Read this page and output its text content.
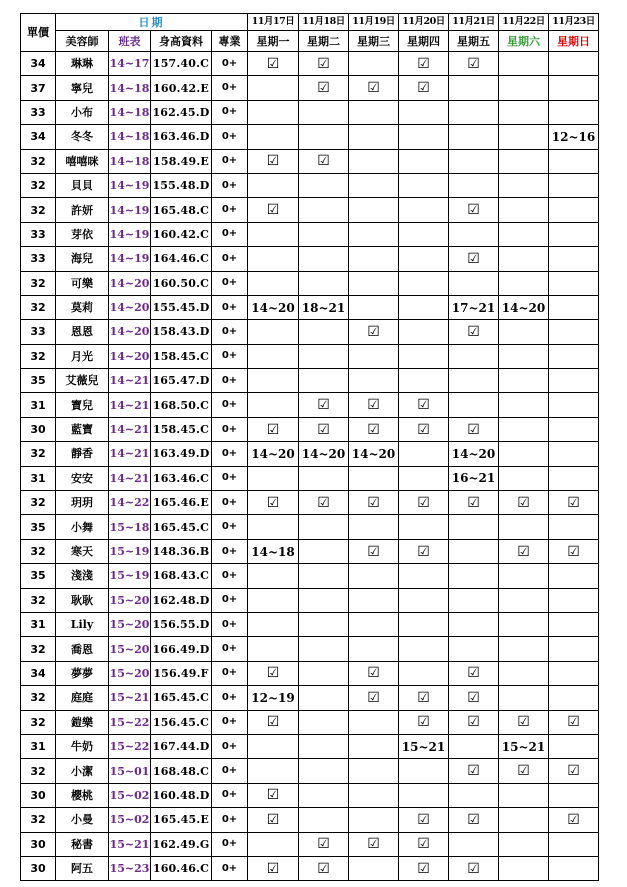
單價	日期				11月17日	11月18日	11月19日	11月20日	11月21日	11月22日	11月23日
	美容師	班表	身高資料	專業	星期一	星期二	星期三	星期四	星期五	星期六	星期日
34	琳琳	14~17	157.40.C	0+	☑	☑		☑	☑		
37	寧兒	14~18	160.42.E	0+		☑	☑	☑			
33	小布	14~18	162.45.D	0+							
34	冬冬	14~18	163.46.D	0+							12~16
32	嘻嘻咪	14~18	158.49.E	0+	☑	☑					
32	貝貝	14~19	155.48.D	0+							
32	許妍	14~19	165.48.C	0+	☑				☑		
33	芽依	14~19	160.42.C	0+							
33	海兒	14~19	164.46.C	0+					☑		
32	可樂	14~20	160.50.C	0+							
32	莫莉	14~20	155.45.D	0+	14~20	18~21			17~21	14~20	
33	恩恩	14~20	158.43.D	0+			☑		☑		
32	月光	14~20	158.45.C	0+							
35	艾薇兒	14~21	165.47.D	0+							
31	寶兒	14~21	168.50.C	0+		☑	☑	☑			
30	藍寶	14~21	158.45.C	0+	☑	☑	☑	☑	☑		
32	靜香	14~21	163.49.D	0+	14~20	14~20	14~20		14~20		
31	安安	14~21	163.46.C	0+					16~21		
32	玥玥	14~22	165.46.E	0+	☑	☑	☑	☑	☑	☑	☑
35	小舞	15~18	165.45.C	0+							
32	寒天	15~19	148.36.B	0+	14~18		☑	☑		☑	☑
35	淺淺	15~19	168.43.C	0+							
32	耿耿	15~20	162.48.D	0+							
31	Lily	15~20	156.55.D	0+							
32	喬恩	15~20	166.49.D	0+							
34	夢夢	15~20	156.49.F	0+	☑		☑		☑		
32	庭庭	15~21	165.45.C	0+	12~19		☑	☑	☑		
32	鎧樂	15~22	156.45.C	0+	☑			☑	☑	☑	☑
31	牛奶	15~22	167.44.D	0+				15~21		15~21	
32	小潔	15~01	168.48.C	0+					☑	☑	☑
30	櫻桃	15~02	160.48.D	0+	☑						
32	小曼	15~02	165.45.E	0+	☑			☑	☑		☑
30	秘書	15~21	162.49.G	0+		☑	☑	☑			
30	阿五	15~23	160.46.C	0+	☑	☑		☑	☑		
